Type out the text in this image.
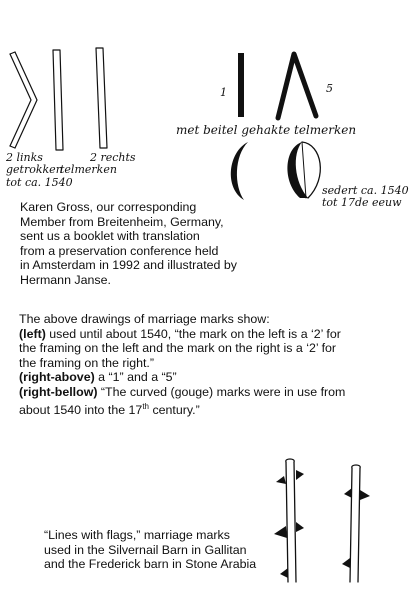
2 links
getrokken
tot ca. 1540
2 rechts
telmerken
1	5
met beitel gehakte telmerken
sedert ca. 1540
tot 17de eeuw
Karen Gross, our corresponding
Member from Breitenheim, Germany,
sent us a booklet with translation
from a preservation conference held
in Amsterdam in 1992 and illustrated by
Hermann Janse.
The above drawings of marriage marks show:
(left) used until about 1540, “the mark on the left is a ‘2’ for
the framing on the left and the mark on the right is a ‘2’ for
the framing on the right.”
(right-above) a “1” and a “5”
(right-bellow) “The curved (gouge) marks were in use from
about 1540 into the 17th century.”
“Lines with flags,” marriage marks
used in the Silvernail Barn in Gallitan
and the Frederick barn in Stone Arabia
